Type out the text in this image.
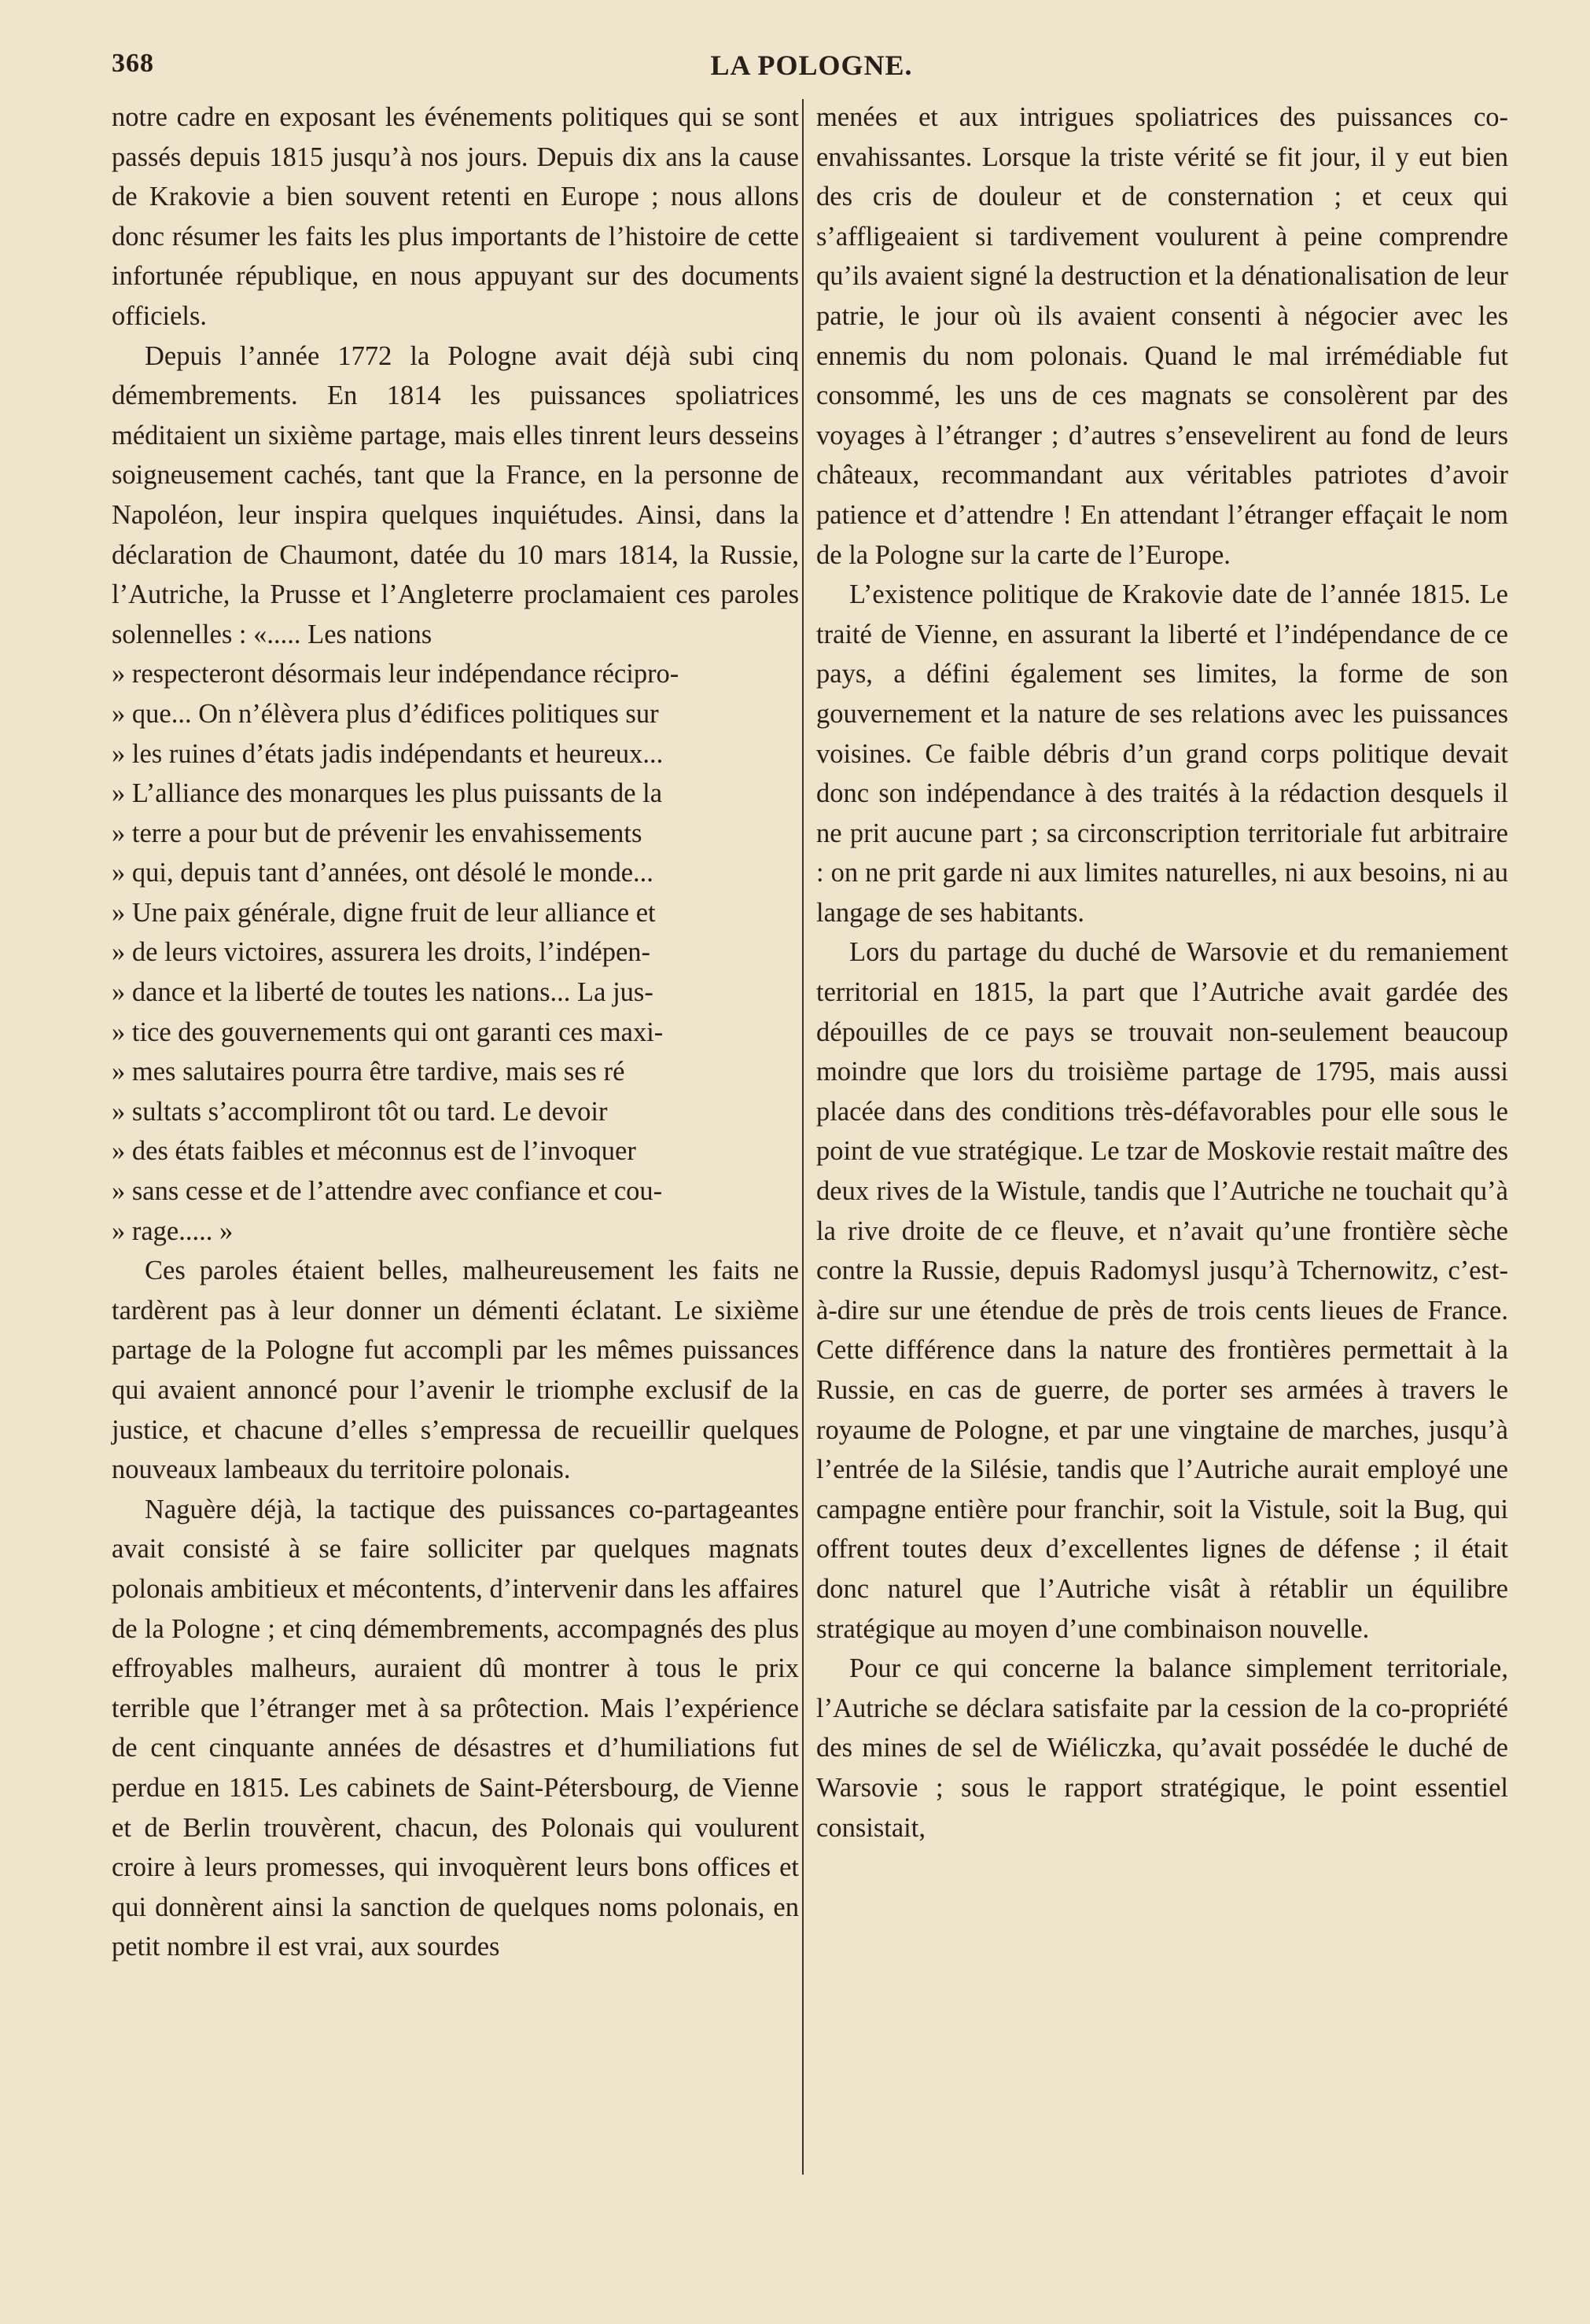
368	LA POLOGNE.

notre cadre en exposant les événements politiques qui se sont passés depuis 1815 jusqu’à nos jours. Depuis dix ans la cause de Krakovie a bien souvent retenti en Europe ; nous allons donc résumer les faits les plus importants de l’histoire de cette infortunée république, en nous appuyant sur des documents officiels.

Depuis l’année 1772 la Pologne avait déjà subi cinq démembrements. En 1814 les puissances spoliatrices méditaient un sixième partage, mais elles tinrent leurs desseins soigneusement cachés, tant que la France, en la personne de Napoléon, leur inspira quelques inquiétudes. Ainsi, dans la déclaration de Chaumont, datée du 10 mars 1814, la Russie, l’Autriche, la Prusse et l’Angleterre proclamaient ces paroles solennelles : «..... Les nations

» respecteront désormais leur indépendance récipro-
» que... On n’élèvera plus d’édifices politiques sur
» les ruines d’états jadis indépendants et heureux...
» L’alliance des monarques les plus puissants de la
» terre a pour but de prévenir les envahissements
» qui, depuis tant d’années, ont désolé le monde...
» Une paix générale, digne fruit de leur alliance et
» de leurs victoires, assurera les droits, l’indépen-
» dance et la liberté de toutes les nations... La jus-
» tice des gouvernements qui ont garanti ces maxi-
» mes salutaires pourra être tardive, mais ses ré
» sultats s’accompliront tôt ou tard. Le devoir
» des états faibles et méconnus est de l’invoquer
» sans cesse et de l’attendre avec confiance et cou-
» rage..... »

Ces paroles étaient belles, malheureusement les faits ne tardèrent pas à leur donner un démenti éclatant. Le sixième partage de la Pologne fut accompli par les mêmes puissances qui avaient annoncé pour l’avenir le triomphe exclusif de la justice, et chacune d’elles s’empressa de recueillir quelques nouveaux lambeaux du territoire polonais.

Naguère déjà, la tactique des puissances co-partageantes avait consisté à se faire solliciter par quelques magnats polonais ambitieux et mécontents, d’intervenir dans les affaires de la Pologne ; et cinq démembrements, accompagnés des plus effroyables malheurs, auraient dû montrer à tous le prix terrible que l’étranger met à sa prôtection. Mais l’expérience de cent cinquante années de désastres et d’humiliations fut perdue en 1815. Les cabinets de Saint-Pétersbourg, de Vienne et de Berlin trouvèrent, chacun, des Polonais qui voulurent croire à leurs promesses, qui invoquèrent leurs bons offices et qui donnèrent ainsi la sanction de quelques noms polonais, en petit nombre il est vrai, aux sourdes

menées et aux intrigues spoliatrices des puissances co-envahissantes. Lorsque la triste vérité se fit jour, il y eut bien des cris de douleur et de consternation ; et ceux qui s’affligeaient si tardivement voulurent à peine comprendre qu’ils avaient signé la destruction et la dénationalisation de leur patrie, le jour où ils avaient consenti à négocier avec les ennemis du nom polonais. Quand le mal irrémédiable fut consommé, les uns de ces magnats se consolèrent par des voyages à l’étranger ; d’autres s’ensevelirent au fond de leurs châteaux, recommandant aux véritables patriotes d’avoir patience et d’attendre ! En attendant l’étranger effaçait le nom de la Pologne sur la carte de l’Europe.

L’existence politique de Krakovie date de l’année 1815. Le traité de Vienne, en assurant la liberté et l’indépendance de ce pays, a défini également ses limites, la forme de son gouvernement et la nature de ses relations avec les puissances voisines. Ce faible débris d’un grand corps politique devait donc son indépendance à des traités à la rédaction desquels il ne prit aucune part ; sa circonscription territoriale fut arbitraire : on ne prit garde ni aux limites naturelles, ni aux besoins, ni au langage de ses habitants.

Lors du partage du duché de Warsovie et du remaniement territorial en 1815, la part que l’Autriche avait gardée des dépouilles de ce pays se trouvait non-seulement beaucoup moindre que lors du troisième partage de 1795, mais aussi placée dans des conditions très-défavorables pour elle sous le point de vue stratégique. Le tzar de Moskovie restait maître des deux rives de la Wistule, tandis que l’Autriche ne touchait qu’à la rive droite de ce fleuve, et n’avait qu’une frontière sèche contre la Russie, depuis Radomysl jusqu’à Tchernowitz, c’est-à-dire sur une étendue de près de trois cents lieues de France. Cette différence dans la nature des frontières permettait à la Russie, en cas de guerre, de porter ses armées à travers le royaume de Pologne, et par une vingtaine de marches, jusqu’à l’entrée de la Silésie, tandis que l’Autriche aurait employé une campagne entière pour franchir, soit la Vistule, soit la Bug, qui offrent toutes deux d’excellentes lignes de défense ; il était donc naturel que l’Autriche visât à rétablir un équilibre stratégique au moyen d’une combinaison nouvelle.

Pour ce qui concerne la balance simplement territoriale, l’Autriche se déclara satisfaite par la cession de la co-propriété des mines de sel de Wiéliczka, qu’avait possédée le duché de Warsovie ; sous le rapport stratégique, le point essentiel consistait,
